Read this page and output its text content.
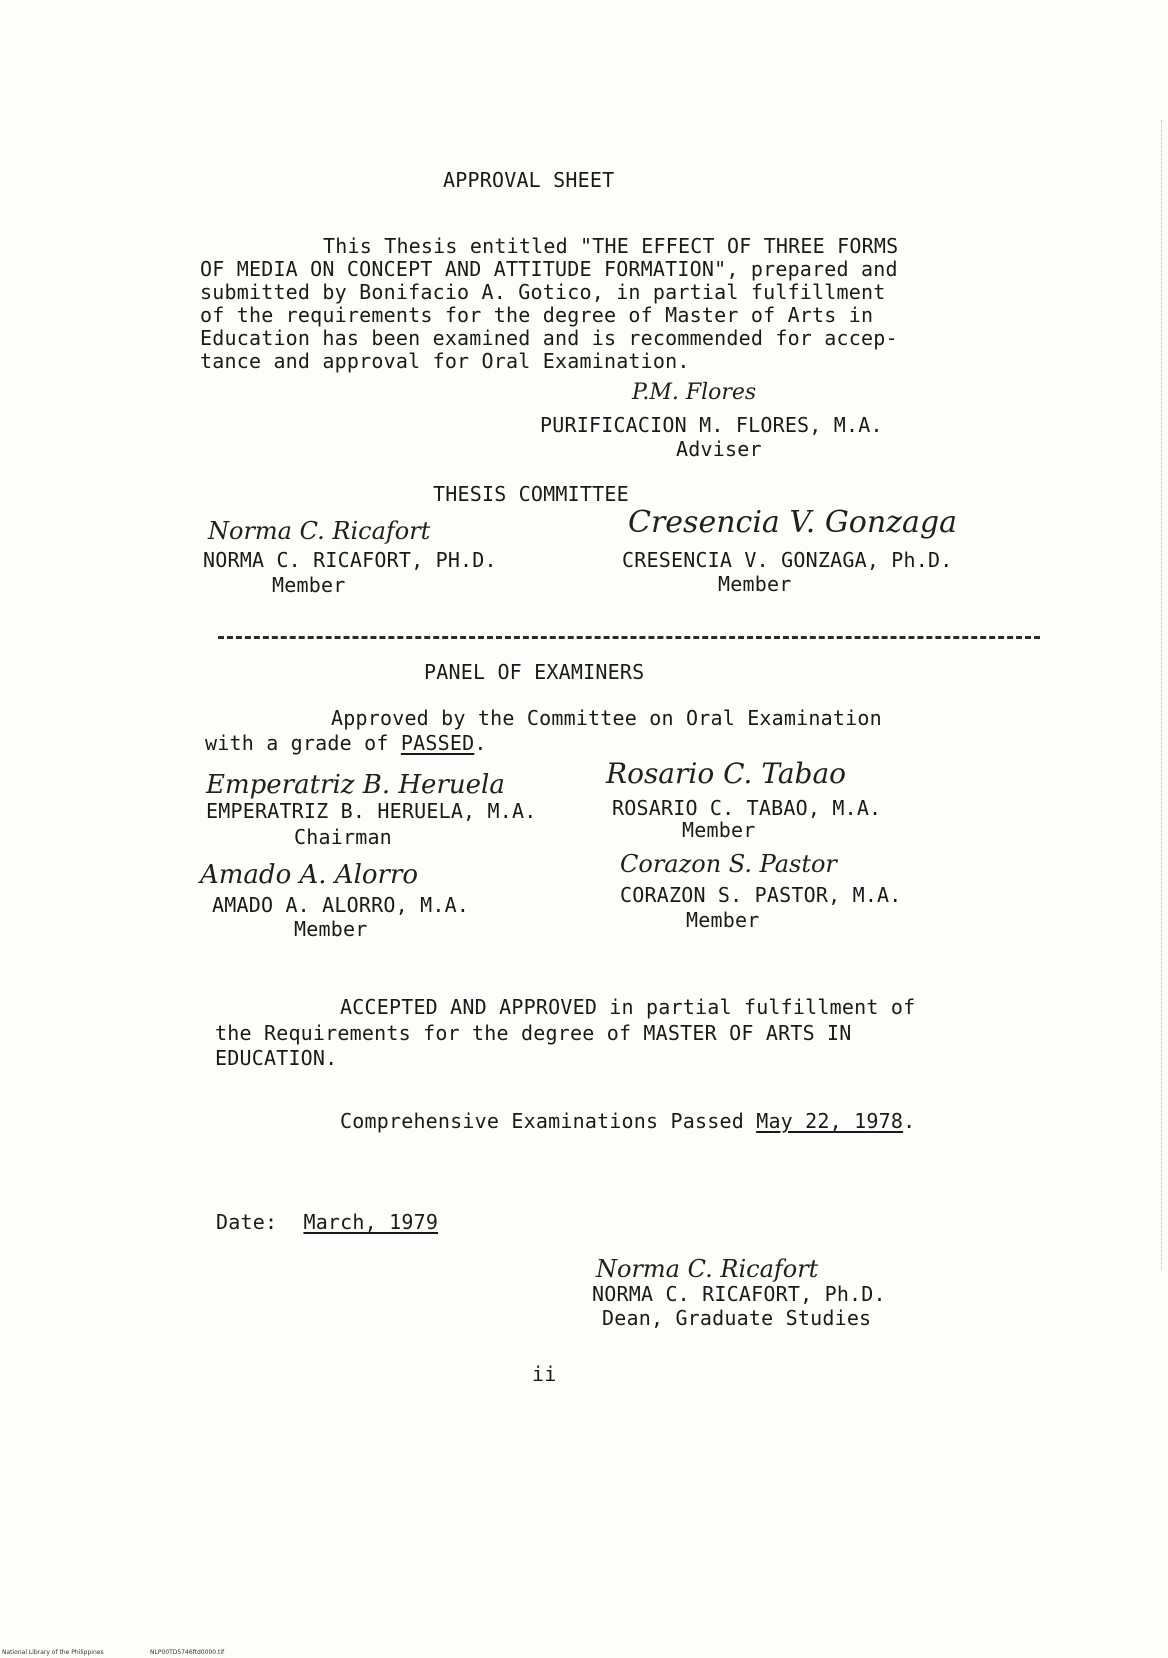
APPROVAL SHEET
This Thesis entitled "THE EFFECT OF THREE FORMS
OF MEDIA ON CONCEPT AND ATTITUDE FORMATION", prepared and
submitted by Bonifacio A. Gotico, in partial fulfillment
of the requirements for the degree of Master of Arts in
Education has been examined and is recommended for accep-
tance and approval for Oral Examination.
P.M. Flores
PURIFICACION M. FLORES, M.A.
Adviser
THESIS COMMITTEE
Norma C. Ricafort
NORMA C. RICAFORT, PH.D.
Member
Cresencia V. Gonzaga
CRESENCIA V. GONZAGA, Ph.D.
Member
PANEL OF EXAMINERS
Approved by the Committee on Oral Examination
with a grade of PASSED.
Emperatriz B. Heruela
EMPERATRIZ B. HERUELA, M.A.
Chairman
Rosario C. Tabao
ROSARIO C. TABAO, M.A.
Member
Amado A. Alorro
AMADO A. ALORRO, M.A.
Member
Corazon S. Pastor
CORAZON S. PASTOR, M.A.
Member
ACCEPTED AND APPROVED in partial fulfillment of
the Requirements for the degree of MASTER OF ARTS IN
EDUCATION.
Comprehensive Examinations Passed May 22, 1978.
Date: March, 1979
Norma C. Ricafort
NORMA C. RICAFORT, Ph.D.
Dean, Graduate Studies
ii
National Library of the Philippines	NLP00TD5746ftd0000.tif
